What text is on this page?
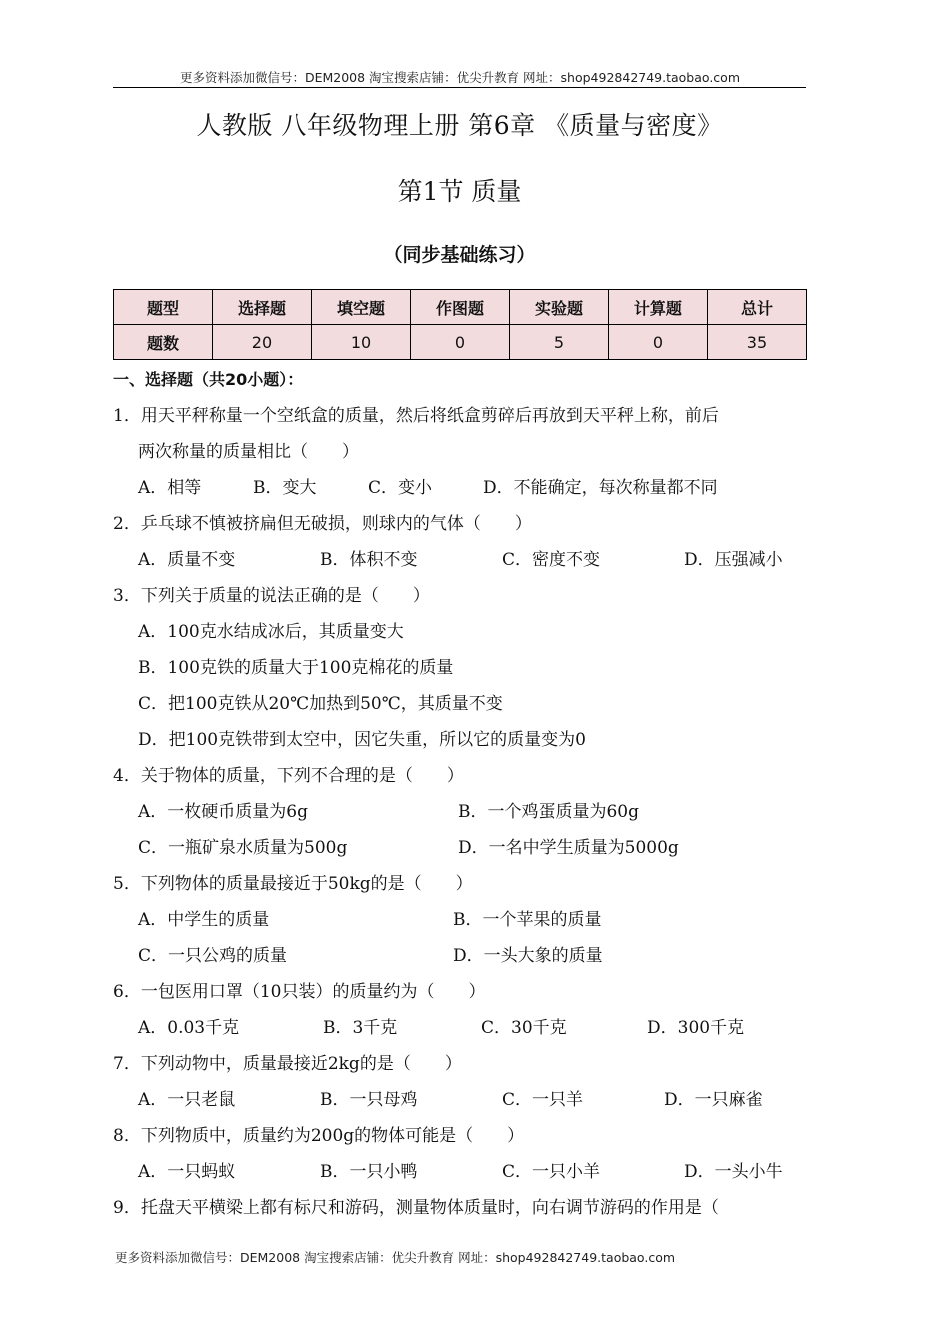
更多资料添加微信号：DEM2008 淘宝搜索店铺：优尖升教育 网址：shop492842749.taobao.com
人教版 八年级物理上册 第6章 《质量与密度》
第1节 质量
（同步基础练习）
题型	选择题	填空题	作图题	实验题	计算题	总计
题数	20	10	0	5	0	35
一、选择题（共20小题）：
1．用天平秤称量一个空纸盒的质量，然后将纸盒剪碎后再放到天平秤上称，前后
两次称量的质量相比（　　）
A．相等	B．变大	C．变小	D．不能确定，每次称量都不同
2．乒乓球不慎被挤扁但无破损，则球内的气体（　　）
A．质量不变	B．体积不变	C．密度不变	D．压强减小
3．下列关于质量的说法正确的是（　　）
A．100克水结成冰后，其质量变大
B．100克铁的质量大于100克棉花的质量
C．把100克铁从20℃加热到50℃，其质量不变
D．把100克铁带到太空中，因它失重，所以它的质量变为0
4．关于物体的质量，下列不合理的是（　　）
A．一枚硬币质量为6g	B．一个鸡蛋质量为60g
C．一瓶矿泉水质量为500g	D．一名中学生质量为5000g
5．下列物体的质量最接近于50kg的是（　　）
A．中学生的质量	B．一个苹果的质量
C．一只公鸡的质量	D．一头大象的质量
6．一包医用口罩（10只装）的质量约为（　　）
A．0.03千克	B．3千克	C．30千克	D．300千克
7．下列动物中，质量最接近2kg的是（　　）
A．一只老鼠	B．一只母鸡	C．一只羊	D．一只麻雀
8．下列物质中，质量约为200g的物体可能是（　　）
A．一只蚂蚁	B．一只小鸭	C．一只小羊	D．一头小牛
9．托盘天平横梁上都有标尺和游码，测量物体质量时，向右调节游码的作用是（
更多资料添加微信号：DEM2008 淘宝搜索店铺：优尖升教育 网址：shop492842749.taobao.com
